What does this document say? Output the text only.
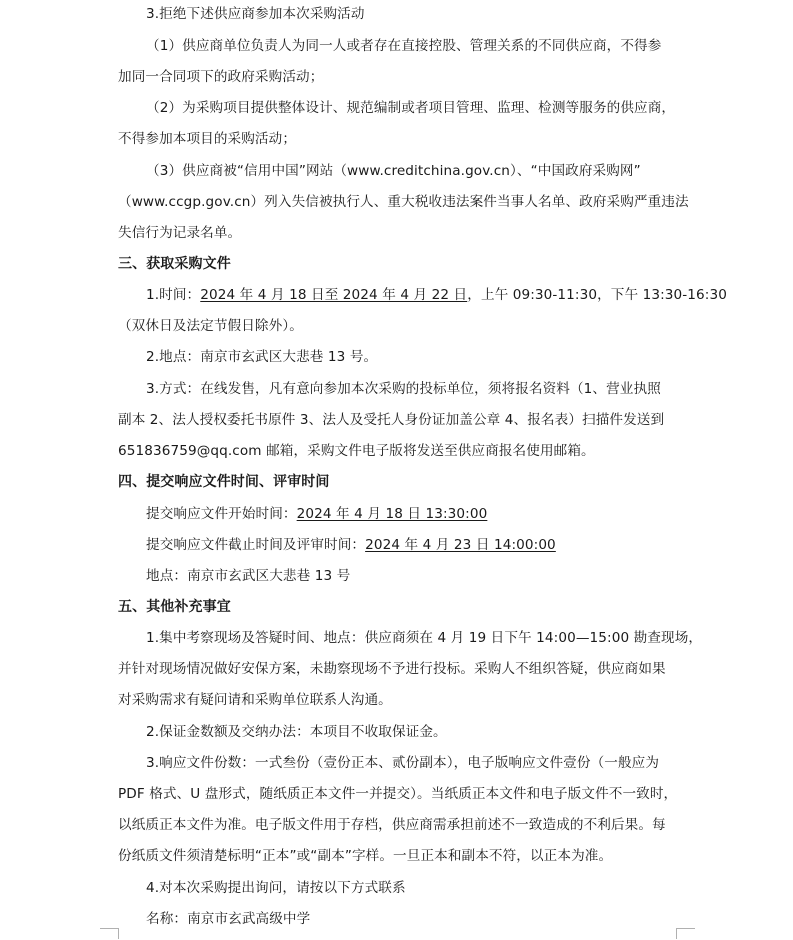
3.拒绝下述供应商参加本次采购活动
（1）供应商单位负责人为同一人或者存在直接控股、管理关系的不同供应商，不得参
加同一合同项下的政府采购活动；
（2）为采购项目提供整体设计、规范编制或者项目管理、监理、检测等服务的供应商，
不得参加本项目的采购活动；
（3）供应商被“信用中国”网站（www.creditchina.gov.cn）、“中国政府采购网”
（www.ccgp.gov.cn）列入失信被执行人、重大税收违法案件当事人名单、政府采购严重违法
失信行为记录名单。
三、获取采购文件
1.时间：2024 年 4 月 18 日至 2024 年 4 月 22 日，上午 09:30-11:30，下午 13:30-16:30
（双休日及法定节假日除外）。
2.地点：南京市玄武区大悲巷 13 号。
3.方式：在线发售，凡有意向参加本次采购的投标单位，须将报名资料（1、营业执照
副本 2、法人授权委托书原件 3、法人及受托人身份证加盖公章 4、报名表）扫描件发送到
651836759@qq.com 邮箱，采购文件电子版将发送至供应商报名使用邮箱。
四、提交响应文件时间、评审时间
提交响应文件开始时间：2024 年 4 月 18 日 13:30:00
提交响应文件截止时间及评审时间：2024 年 4 月 23 日 14:00:00
地点：南京市玄武区大悲巷 13 号
五、其他补充事宜
1.集中考察现场及答疑时间、地点：供应商须在 4 月 19 日下午 14:00—15:00 勘查现场，
并针对现场情况做好安保方案，未勘察现场不予进行投标。采购人不组织答疑，供应商如果
对采购需求有疑问请和采购单位联系人沟通。
2.保证金数额及交纳办法：本项目不收取保证金。
3.响应文件份数：一式叁份（壹份正本、贰份副本），电子版响应文件壹份（一般应为
PDF 格式、U 盘形式，随纸质正本文件一并提交）。当纸质正本文件和电子版文件不一致时，
以纸质正本文件为准。电子版文件用于存档，供应商需承担前述不一致造成的不利后果。每
份纸质文件须清楚标明“正本”或“副本”字样。一旦正本和副本不符，以正本为准。
4.对本次采购提出询问，请按以下方式联系
名称：南京市玄武高级中学
